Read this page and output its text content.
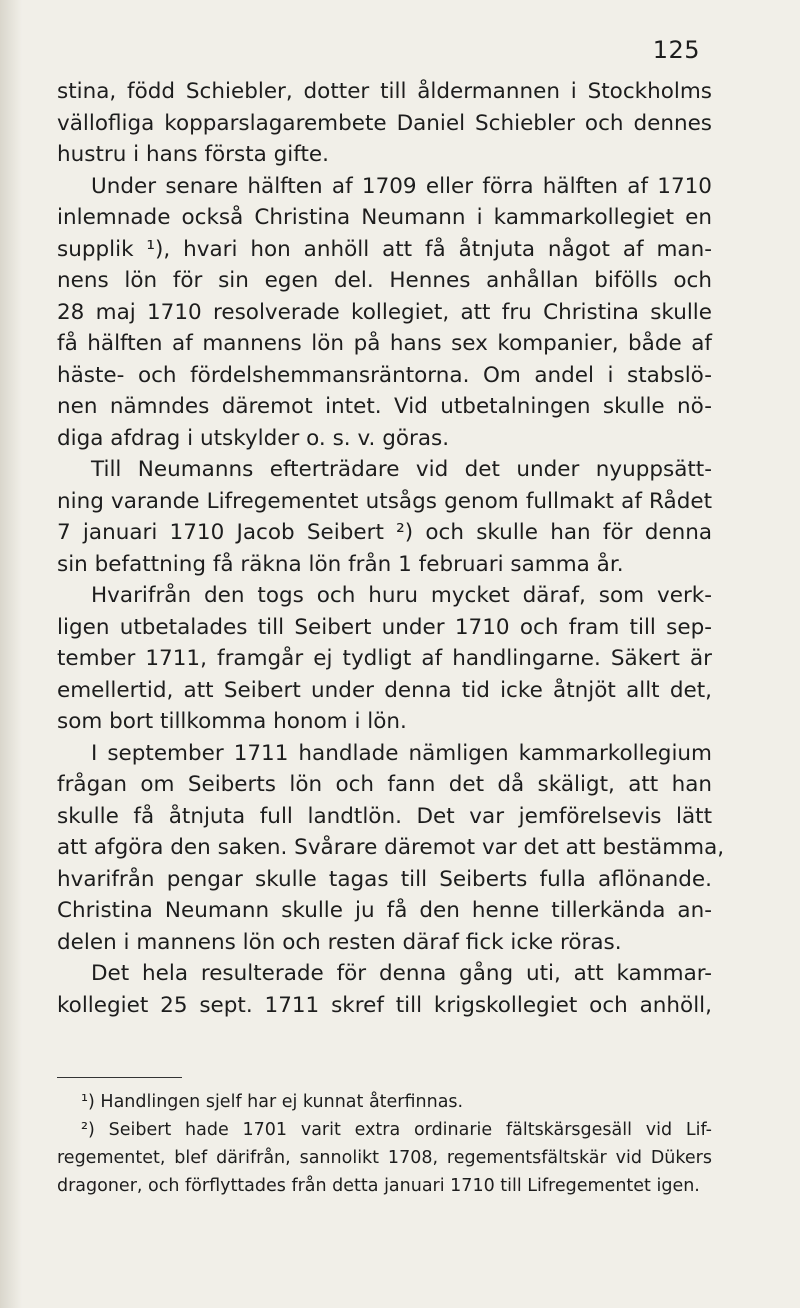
125
stina, född Schiebler, dotter till åldermannen i Stockholms
vällofliga kopparslagarembete Daniel Schiebler och dennes
hustru i hans första gifte.
Under senare hälften af 1709 eller förra hälften af 1710
inlemnade också Christina Neumann i kammarkollegiet en
supplik ¹), hvari hon anhöll att få åtnjuta något af man-
nens lön för sin egen del. Hennes anhållan bifölls och
28 maj 1710 resolverade kollegiet, att fru Christina skulle
få hälften af mannens lön på hans sex kompanier, både af
häste- och fördelshemmansräntorna. Om andel i stabslö-
nen nämndes däremot intet. Vid utbetalningen skulle nö-
diga afdrag i utskylder o. s. v. göras.
Till Neumanns efterträdare vid det under nyuppsätt-
ning varande Lifregementet utsågs genom fullmakt af Rådet
7 januari 1710 Jacob Seibert ²) och skulle han för denna
sin befattning få räkna lön från 1 februari samma år.
Hvarifrån den togs och huru mycket däraf, som verk-
ligen utbetalades till Seibert under 1710 och fram till sep-
tember 1711, framgår ej tydligt af handlingarne. Säkert är
emellertid, att Seibert under denna tid icke åtnjöt allt det,
som bort tillkomma honom i lön.
I september 1711 handlade nämligen kammarkollegium
frågan om Seiberts lön och fann det då skäligt, att han
skulle få åtnjuta full landtlön. Det var jemförelsevis lätt
att afgöra den saken. Svårare däremot var det att bestämma,
hvarifrån pengar skulle tagas till Seiberts fulla aflönande.
Christina Neumann skulle ju få den henne tillerkända an-
delen i mannens lön och resten däraf fick icke röras.
Det hela resulterade för denna gång uti, att kammar-
kollegiet 25 sept. 1711 skref till krigskollegiet och anhöll,
¹) Handlingen sjelf har ej kunnat återfinnas.
²) Seibert hade 1701 varit extra ordinarie fältskärsgesäll vid Lif-
regementet, blef därifrån, sannolikt 1708, regementsfältskär vid Dükers
dragoner, och förflyttades från detta januari 1710 till Lifregementet igen.
